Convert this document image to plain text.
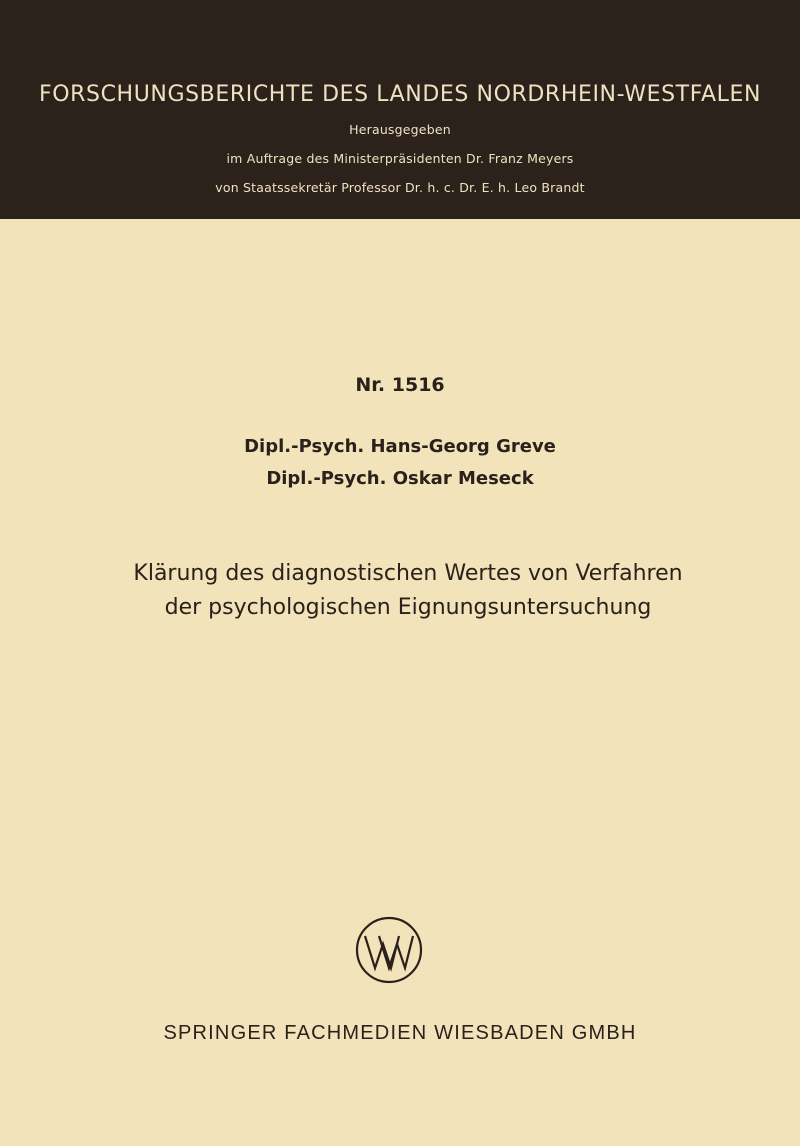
FORSCHUNGSBERICHTE DES LANDES NORDRHEIN-WESTFALEN
Herausgegeben
im Auftrage des Ministerpräsidenten Dr. Franz Meyers
von Staatssekretär Professor Dr. h. c. Dr. E. h. Leo Brandt
Nr. 1516
Dipl.-Psych. Hans-Georg Greve
Dipl.-Psych. Oskar Meseck
Klärung des diagnostischen Wertes von Verfahren
der psychologischen Eignungsuntersuchung
SPRINGER FACHMEDIEN WIESBADEN GMBH
